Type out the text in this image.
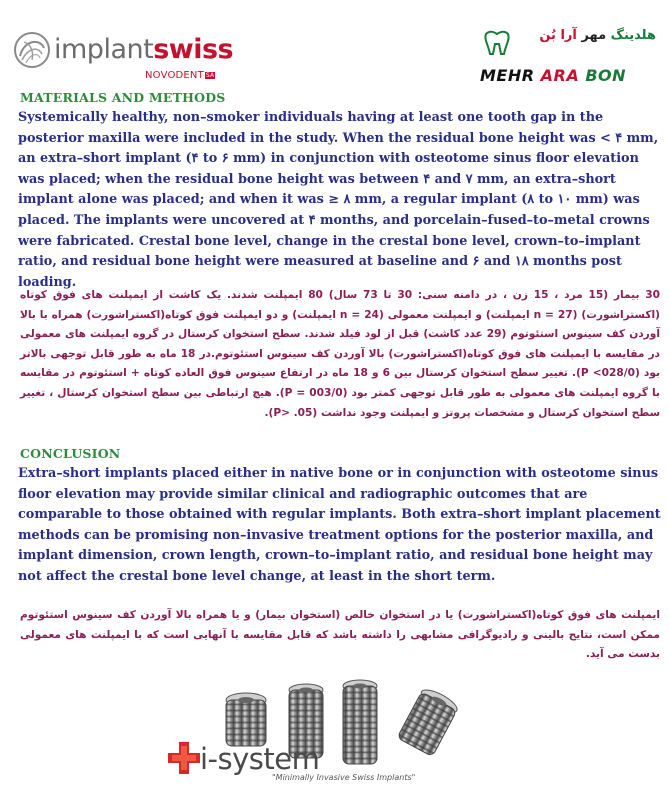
implantswiss
NOVODENT SA
هلدینگ مهر آرا بُن
MEHR ARA BON
MATERIALS AND METHODS
Systemically healthy, non–smoker individuals having at least one tooth gap in the posterior maxilla were included in the study. When the residual bone height was < ۴ mm, an extra–short implant (۴ to ۶ mm) in conjunction with osteotome sinus floor elevation was placed; when the residual bone height was between ۴ and ۷ mm, an extra–short implant alone was placed; and when it was ≥ ۸ mm, a regular implant (۸ to ۱۰ mm) was placed. The implants were uncovered at ۴ months, and porcelain–fused–to–metal crowns were fabricated. Crestal bone level, change in the crestal bone level, crown–to–implant ratio, and residual bone height were measured at baseline and ۶ and ۱۸ months post loading.
30 بیمار (15 مرد ، 15 زن ، در دامنه سنی: 30 تا 73 سال) 80 ایمپلنت شدند. یک کاشت از ایمپلنت های فوق کوتاه (اکستراشورت) (27 = n ایمپلنت) و ایمپلنت معمولی (24 = n ایمپلنت) و دو ایمپلنت فوق کوتاه(اکستراشورت) همراه با بالا آوردن کف سینوس استئوتوم (29 عدد کاشت) قبل از لود فیلد شدند. سطح استخوان کرستال در گروه ایمپلنت های معمولی در مقایسه با ایمپلنت های فوق کوتاه(اکستراشورت) بالا آوردن کف سینوس استئوتوم.در 18 ماه به طور قابل توجهی بالاتر بود (028/0> P). تغییر سطح استخوان کرستال بین 6 و 18 ماه در ارتفاع سینوس فوق العاده کوتاه + استئوتوم در مقایسه با گروه ایمپلنت های معمولی به طور قابل توجهی کمتر بود (003/0 = P). هیچ ارتباطی بین سطح استخوان کرستال ، تغییر سطح استخوان کرستال و مشخصات پروتز و ایمپلنت وجود نداشت (P> .05).
CONCLUSION
Extra–short implants placed either in native bone or in conjunction with osteotome sinus floor elevation may provide similar clinical and radiographic outcomes that are comparable to those obtained with regular implants. Both extra–short implant placement methods can be promising non–invasive treatment options for the posterior maxilla, and implant dimension, crown length, crown–to–implant ratio, and residual bone height may not affect the crestal bone level change, at least in the short term.
ایمپلنت های فوق کوتاه(اکستراشورت) یا در استخوان خالص (استخوان بیمار) و یا همراه بالا آوردن کف سینوس استئوتوم ممکن است، نتایج بالینی و رادیوگرافی مشابهی را داشته باشد که قابل مقایسه با آنهایی است که با ایمپلنت های معمولی بدست می آید.
i-system
"Minimally Invasive Swiss Implants"
